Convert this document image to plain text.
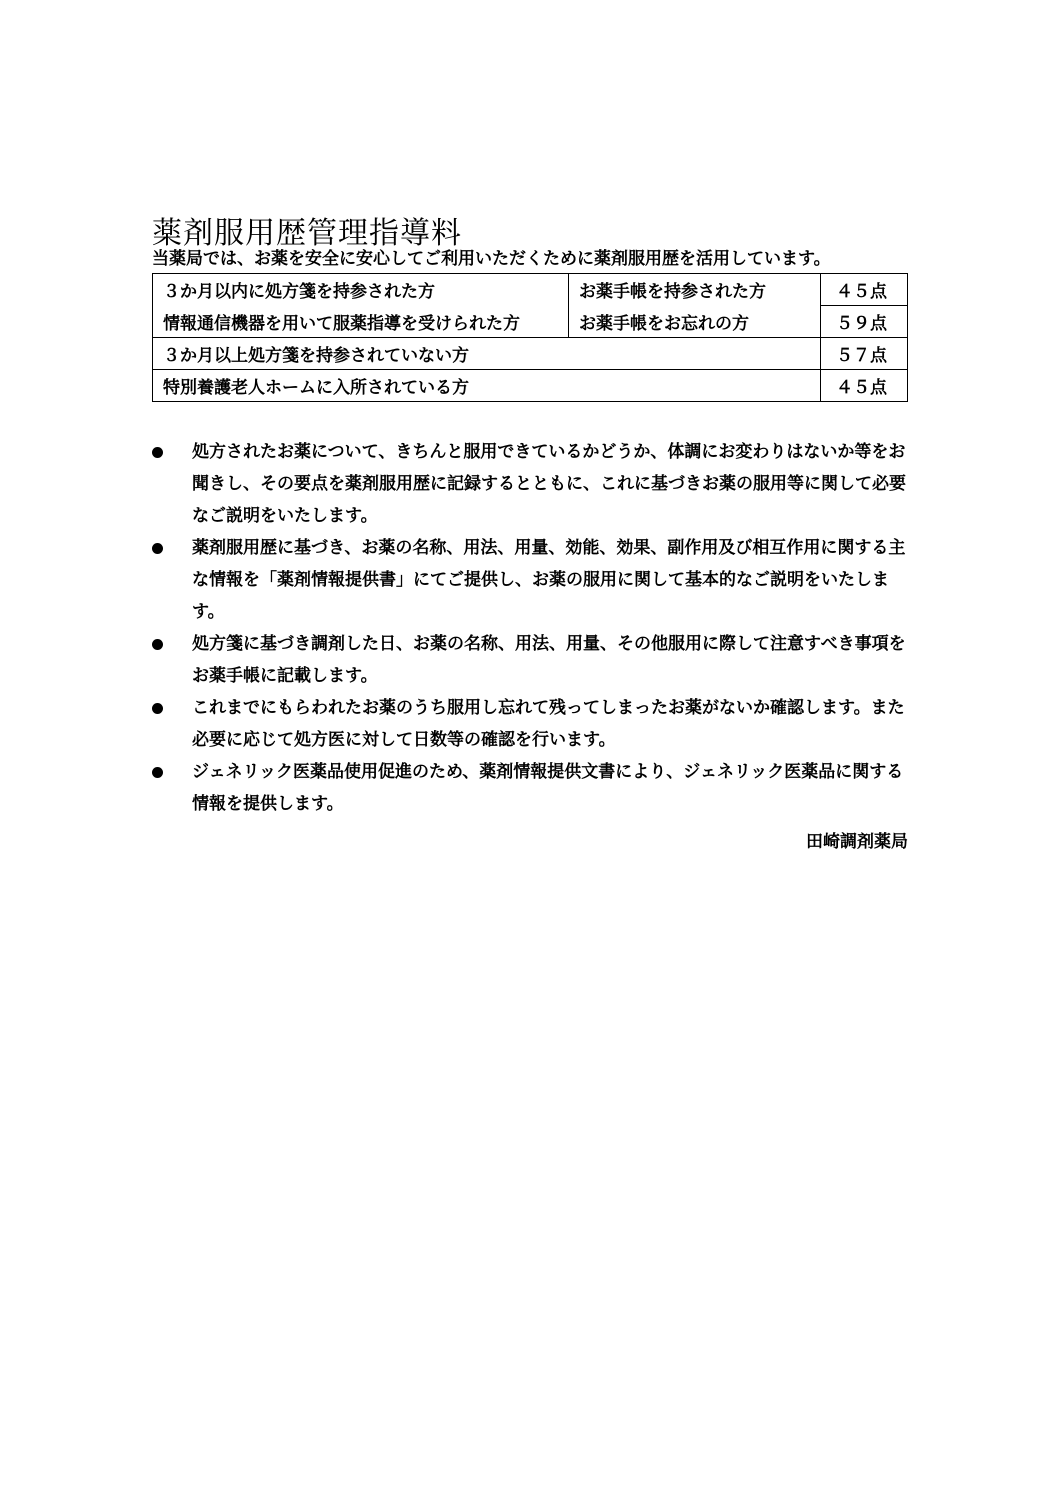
薬剤服用歴管理指導料
当薬局では、お薬を安全に安心してご利用いただくために薬剤服用歴を活用しています。
３か月以内に処方箋を持参された方	お薬手帳を持参された方	４５点
情報通信機器を用いて服薬指導を受けられた方	お薬手帳をお忘れの方	５９点
３か月以上処方箋を持参されていない方		５７点
特別養護老人ホームに入所されている方		４５点
処方されたお薬について、きちんと服用できているかどうか、体調にお変わりはないか等をお聞きし、その要点を薬剤服用歴に記録するとともに、これに基づきお薬の服用等に関して必要なご説明をいたします。
薬剤服用歴に基づき、お薬の名称、用法、用量、効能、効果、副作用及び相互作用に関する主な情報を「薬剤情報提供書」にてご提供し、お薬の服用に関して基本的なご説明をいたします。
処方箋に基づき調剤した日、お薬の名称、用法、用量、その他服用に際して注意すべき事項をお薬手帳に記載します。
これまでにもらわれたお薬のうち服用し忘れて残ってしまったお薬がないか確認します。また必要に応じて処方医に対して日数等の確認を行います。
ジェネリック医薬品使用促進のため、薬剤情報提供文書により、ジェネリック医薬品に関する情報を提供します。
田崎調剤薬局
